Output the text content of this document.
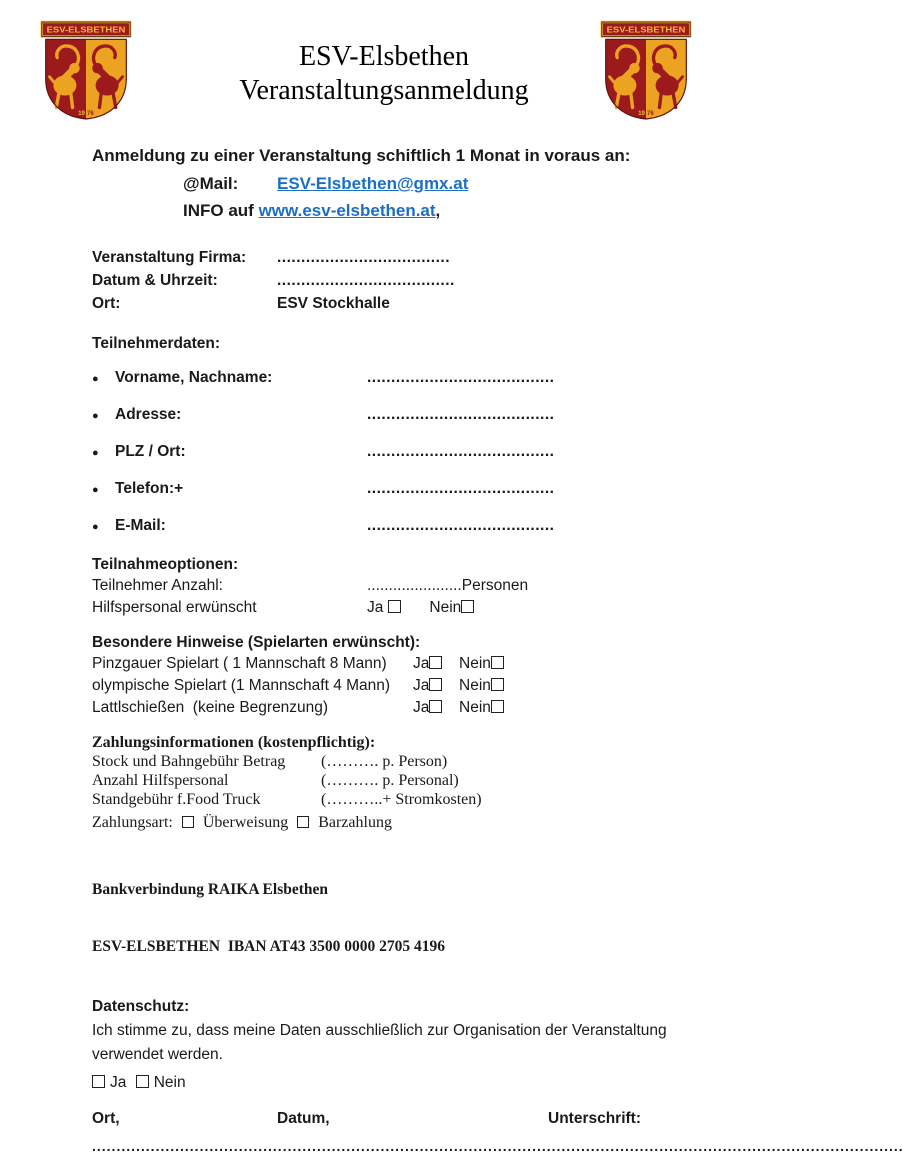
ESV-ELSBETHEN
19 76
ESV-Elsbethen
Veranstaltungsanmeldung
ESV-ELSBETHEN
19 76
Anmeldung zu einer Veranstaltung schiftlich 1 Monat in voraus an:
@Mail: ESV-Elsbethen@gmx.at
INFO auf www.esv-elsbethen.at,
Veranstaltung Firma:	....................................
Datum & Uhrzeit:	.....................................
Ort:	ESV Stockhalle
Teilnehmerdaten:
●	Vorname, Nachname:	.......................................
●	Adresse:	.......................................
●	PLZ / Ort:	.......................................
●	Telefon:+	.......................................
●	E-Mail:	.......................................
Teilnahmeoptionen:
Teilnehmer Anzahl:	......................Personen
Hilfspersonal erwünscht	Ja	Nein
Besondere Hinweise (Spielarten erwünscht):
Pinzgauer Spielart ( 1 Mannschaft 8 Mann)	Ja	Nein
olympische Spielart (1 Mannschaft 4 Mann)	Ja	Nein
Lattlschießen  (keine Begrenzung)	Ja	Nein
Zahlungsinformationen (kostenpflichtig):
Stock und Bahngebühr Betrag	(………. p. Person)
Anzahl Hilfspersonal	(………. p. Personal)
Standgebühr f.Food Truck	(………..+ Stromkosten)
Zahlungsart: Überweisung Barzahlung

Bankverbindung RAIKA Elsbethen

ESV-ELSBETHEN  IBAN AT43 3500 0000 2705 4196

Datenschutz:
Ich stimme zu, dass meine Daten ausschließlich zur Organisation der Veranstaltung verwendet werden.
Ja Nein
Ort,	Datum,	Unterschrift:
......................................................................................................................................................................
